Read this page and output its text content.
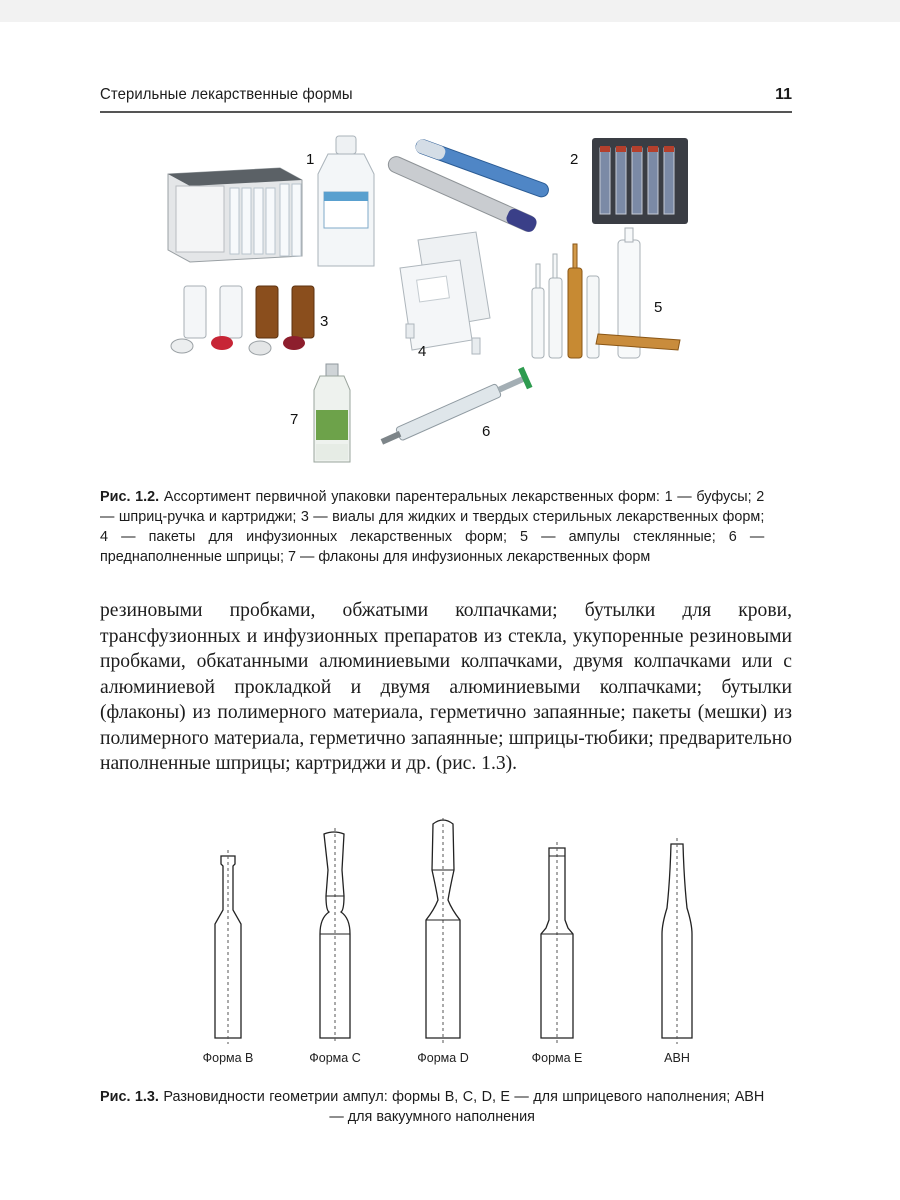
Стерильные лекарственные формы	11
1	2
3
4
5
7
6
Рис. 1.2. Ассортимент первичной упаковки парентеральных лекарственных форм: 1 — буфусы; 2 — шприц-ручка и картриджи; 3 — виалы для жидких и твердых стерильных лекарственных форм; 4 — пакеты для инфузионных лекарственных форм; 5 — ампулы стеклянные; 6 — преднаполненные шприцы; 7 — флаконы для инфузионных лекарственных форм
резиновыми пробками, обжатыми колпачками; бутылки для крови, трансфузионных и инфузионных препаратов из стекла, укупоренные резиновыми пробками, обкатанными алюминиевыми колпачками, двумя колпачками или с алюминиевой прокладкой и двумя алюминиевыми колпачками; бутылки (флаконы) из полимерного материала, герметично запаянные; пакеты (мешки) из полимерного материала, герметично запаянные; шприцы-тюбики; предварительно наполненные шприцы; картриджи и др. (рис. 1.3).
Форма B	Форма C	Форма D	Форма E	АВН
Рис. 1.3. Разновидности геометрии ампул: формы B, C, D, E — для шприцевого наполнения; АВН — для вакуумного наполнения
